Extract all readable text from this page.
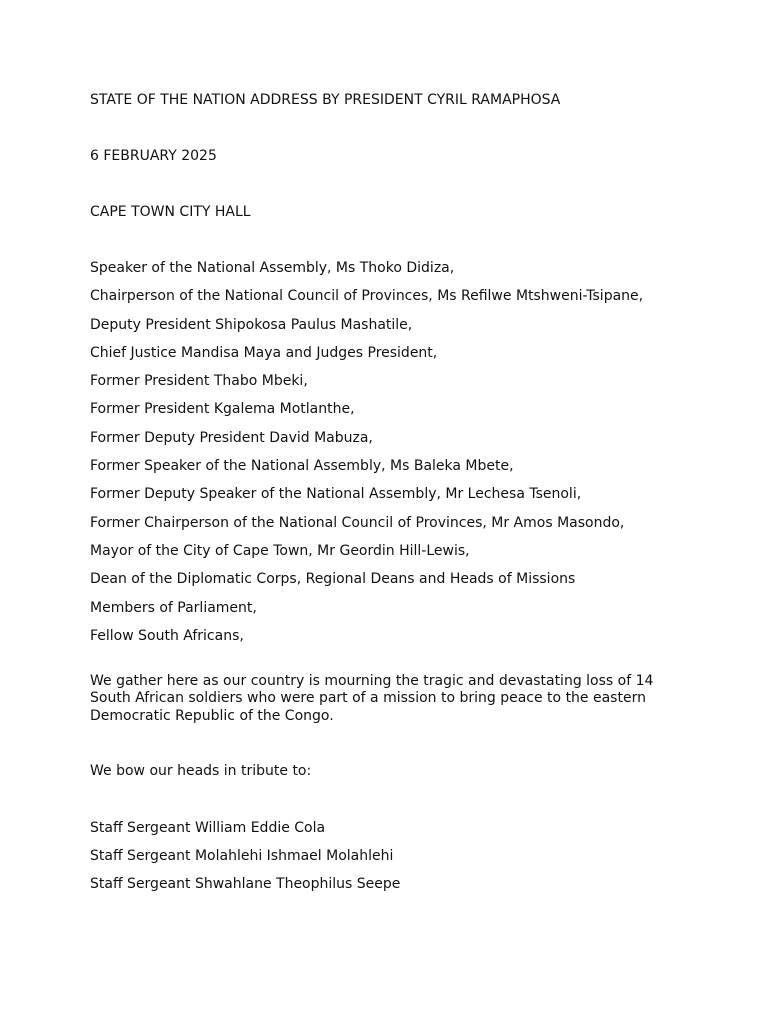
STATE OF THE NATION ADDRESS BY PRESIDENT CYRIL RAMAPHOSA

6 FEBRUARY 2025

CAPE TOWN CITY HALL

Speaker of the National Assembly, Ms Thoko Didiza,

Chairperson of the National Council of Provinces, Ms Refilwe Mtshweni-Tsipane,

Deputy President Shipokosa Paulus Mashatile,

Chief Justice Mandisa Maya and Judges President,

Former President Thabo Mbeki,

Former President Kgalema Motlanthe,

Former Deputy President David Mabuza,

Former Speaker of the National Assembly, Ms Baleka Mbete,

Former Deputy Speaker of the National Assembly, Mr Lechesa Tsenoli,

Former Chairperson of the National Council of Provinces, Mr Amos Masondo,

Mayor of the City of Cape Town, Mr Geordin Hill-Lewis,

Dean of the Diplomatic Corps, Regional Deans and Heads of Missions

Members of Parliament,

Fellow South Africans,

We gather here as our country is mourning the tragic and devastating loss of 14 South African soldiers who were part of a mission to bring peace to the eastern Democratic Republic of the Congo.

We bow our heads in tribute to:

Staff Sergeant William Eddie Cola

Staff Sergeant Molahlehi Ishmael Molahlehi

Staff Sergeant Shwahlane Theophilus Seepe
